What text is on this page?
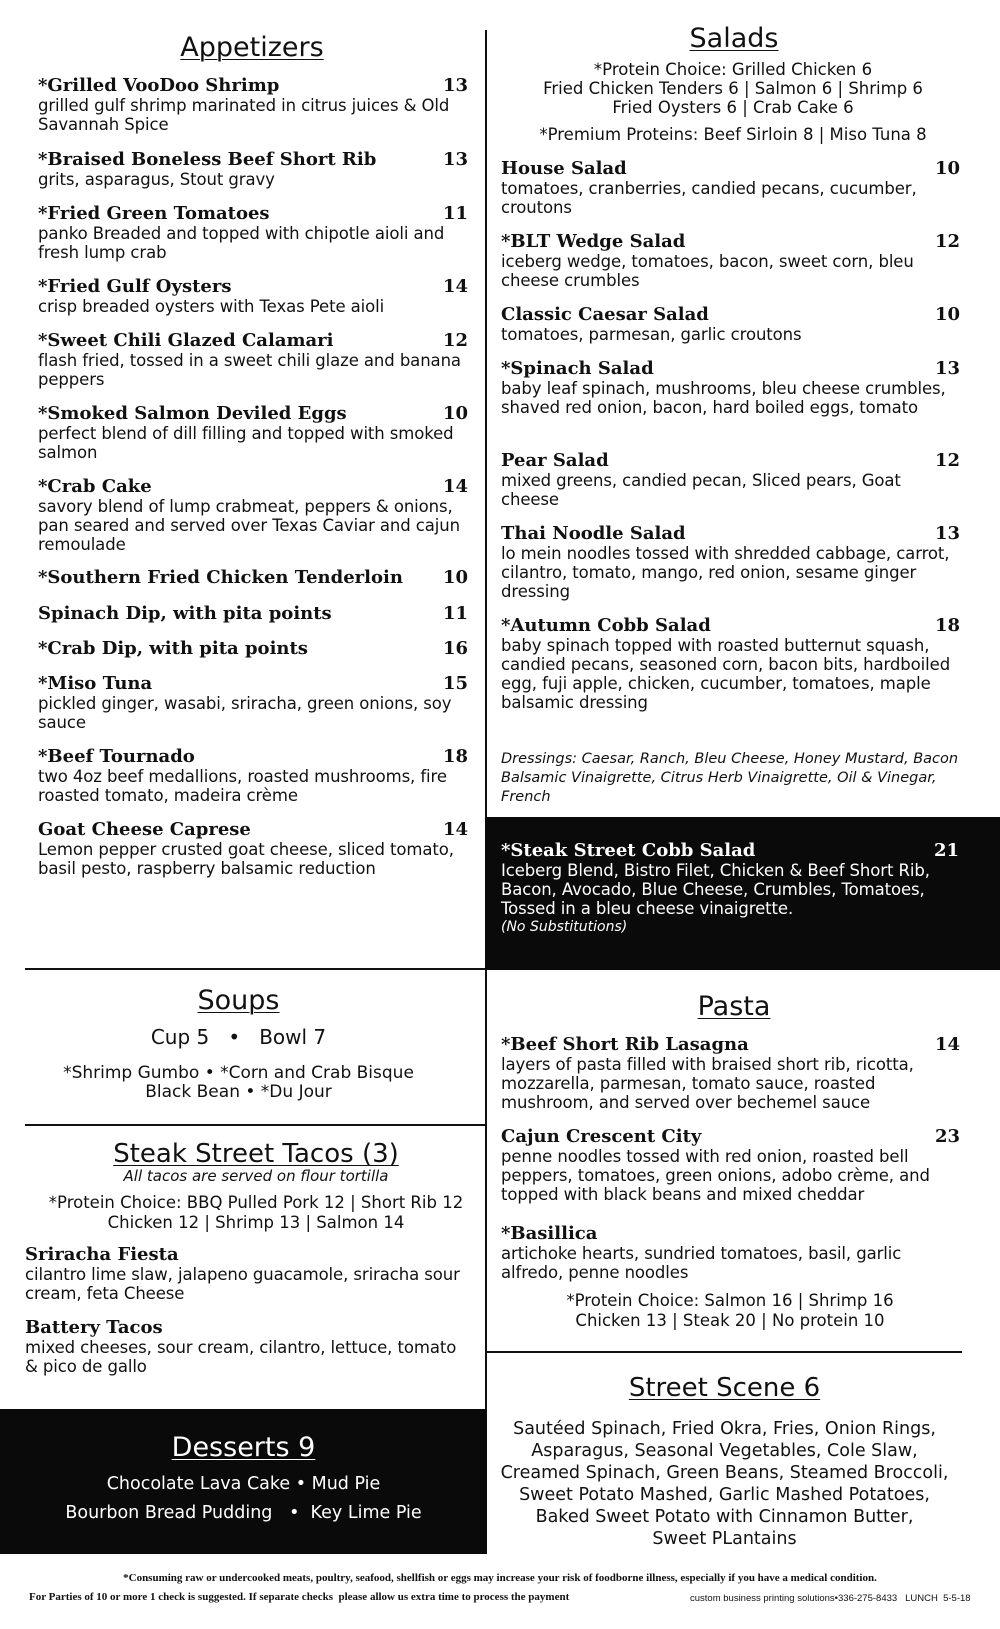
Appetizers
*Grilled VooDoo Shrimp	13
grilled gulf shrimp marinated in citrus juices & Old Savannah Spice
*Braised Boneless Beef Short Rib	13
grits, asparagus, Stout gravy
*Fried Green Tomatoes	11
panko Breaded and topped with chipotle aioli and fresh lump crab
*Fried Gulf Oysters	14
crisp breaded oysters with Texas Pete aioli
*Sweet Chili Glazed Calamari	12
flash fried, tossed in a sweet chili glaze and banana peppers
*Smoked Salmon Deviled Eggs	10
perfect blend of dill filling and topped with smoked salmon
*Crab Cake	14
savory blend of lump crabmeat, peppers & onions, pan seared and served over Texas Caviar and cajun remoulade
*Southern Fried Chicken Tenderloin 10
Spinach Dip, with pita points	11
*Crab Dip, with pita points	16
*Miso Tuna	15
pickled ginger, wasabi, sriracha, green onions, soy sauce
*Beef Tournado	18
two 4oz beef medallions, roasted mushrooms, fire roasted tomato, madeira crème
Goat Cheese Caprese	14
Lemon pepper crusted goat cheese, sliced tomato, basil pesto, raspberry balsamic reduction
Salads
*Protein Choice: Grilled Chicken 6
Fried Chicken Tenders 6 | Salmon 6 | Shrimp 6
Fried Oysters 6 | Crab Cake 6
*Premium Proteins: Beef Sirloin 8 | Miso Tuna 8
House Salad	10
tomatoes, cranberries, candied pecans, cucumber, croutons
*BLT Wedge Salad	12
iceberg wedge, tomatoes, bacon, sweet corn, bleu cheese crumbles
Classic Caesar Salad	10
tomatoes, parmesan, garlic croutons
*Spinach Salad	13
baby leaf spinach, mushrooms, bleu cheese crumbles, shaved red onion, bacon, hard boiled eggs, tomato
Pear Salad	12
mixed greens, candied pecan, Sliced pears, Goat cheese
Thai Noodle Salad	13
lo mein noodles tossed with shredded cabbage, carrot, cilantro, tomato, mango, red onion, sesame ginger dressing
*Autumn Cobb Salad	18
baby spinach topped with roasted butternut squash, candied pecans, seasoned corn, bacon bits, hardboiled egg, fuji apple, chicken, cucumber, tomatoes, maple balsamic dressing
Dressings: Caesar, Ranch, Bleu Cheese, Honey Mustard, Bacon Balsamic Vinaigrette, Citrus Herb Vinaigrette, Oil & Vinegar, French
*Steak Street Cobb Salad	21
Iceberg Blend, Bistro Filet, Chicken & Beef Short Rib, Bacon, Avocado, Blue Cheese, Crumbles, Tomatoes, Tossed in a bleu cheese vinaigrette.
(No Substitutions)
Soups
Cup 5   •   Bowl 7
*Shrimp Gumbo • *Corn and Crab Bisque
Black Bean • *Du Jour
Steak Street Tacos (3)
All tacos are served on flour tortilla
*Protein Choice: BBQ Pulled Pork 12 | Short Rib 12
Chicken 12 | Shrimp 13 | Salmon 14
Sriracha Fiesta
cilantro lime slaw, jalapeno guacamole, sriracha sour cream, feta Cheese
Battery Tacos
mixed cheeses, sour cream, cilantro, lettuce, tomato & pico de gallo
Desserts 9
Chocolate Lava Cake • Mud Pie
Bourbon Bread Pudding   •  Key Lime Pie
Pasta
*Beef Short Rib Lasagna	14
layers of pasta filled with braised short rib, ricotta, mozzarella, parmesan, tomato sauce, roasted mushroom, and served over bechemel sauce
Cajun Crescent City	23
penne noodles tossed with red onion, roasted bell peppers, tomatoes, green onions, adobo crème, and topped with black beans and mixed cheddar
*Basillica
artichoke hearts, sundried tomatoes, basil, garlic alfredo, penne noodles
*Protein Choice: Salmon 16 | Shrimp 16
Chicken 13 | Steak 20 | No protein 10
Street Scene 6
Sautéed Spinach, Fried Okra, Fries, Onion Rings,
Asparagus, Seasonal Vegetables, Cole Slaw,
Creamed Spinach, Green Beans, Steamed Broccoli,
Sweet Potato Mashed, Garlic Mashed Potatoes,
Baked Sweet Potato with Cinnamon Butter,
Sweet PLantains
*Consuming raw or undercooked meats, poultry, seafood, shellfish or eggs may increase your risk of foodborne illness, especially if you have a medical condition.
For Parties of 10 or more 1 check is suggested. If separate checks  please allow us extra time to process the payment	custom business printing solutions•336-275-8433   LUNCH  5-5-18
